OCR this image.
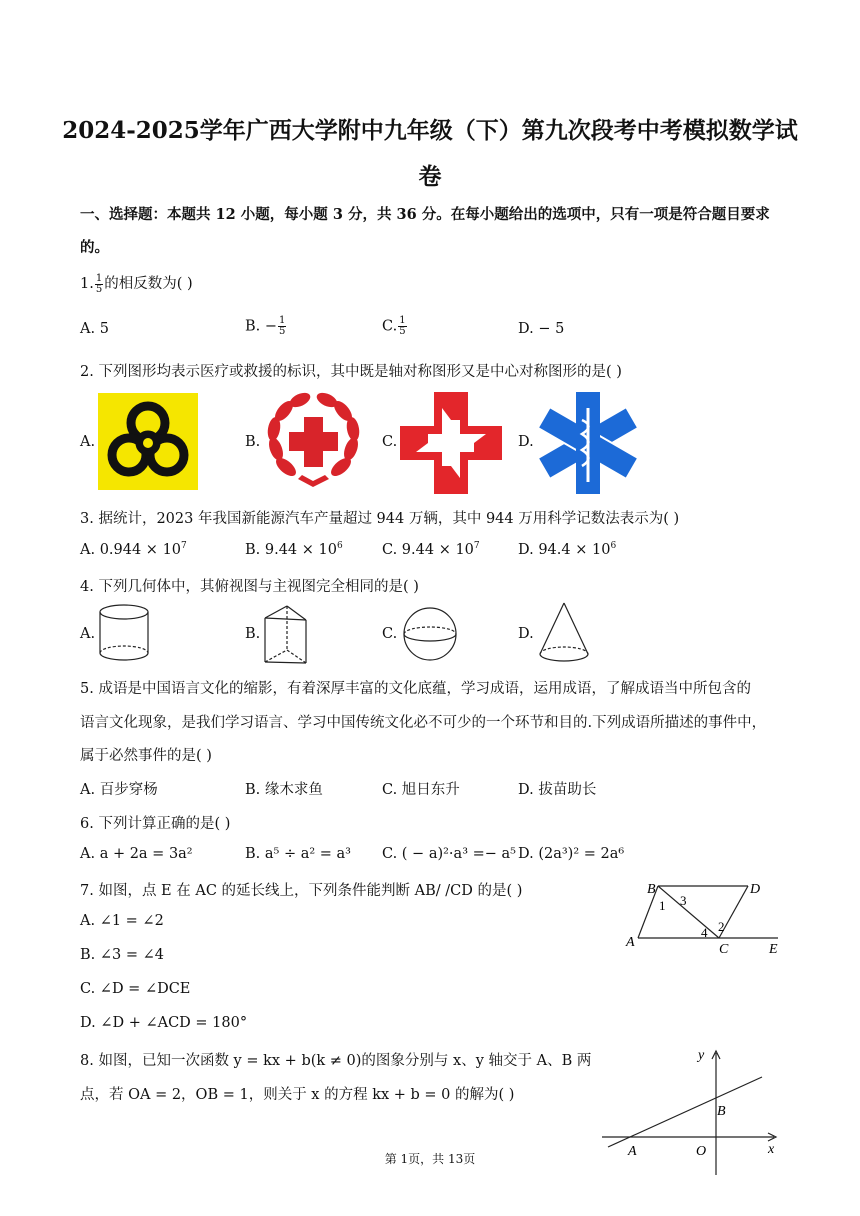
2024-2025学年广西大学附中九年级（下）第九次段考中考模拟数学试
卷
一、选择题：本题共 12 小题，每小题 3 分，共 36 分。在每小题给出的选项中，只有一项是符合题目要求
的。
1. $\frac{1}{5}$ 的相反数为( )
A. 5	B. − $\frac{1}{5}$	C. $\frac{1}{5}$	D. − 5
2. 下列图形均表示医疗或救援的标识，其中既是轴对称图形又是中心对称图形的是( )
A.	B.	C.	D.
3. 据统计，2023 年我国新能源汽车产量超过 944 万辆，其中 944 万用科学记数法表示为( )
A. $0.944 \times 10^7$	B. $9.44 \times 10^6$	C. $9.44 \times 10^7$	D. $94.4 \times 10^6$
4. 下列几何体中，其俯视图与主视图完全相同的是( )
A.	B.	C.	D.
5. 成语是中国语言文化的缩影，有着深厚丰富的文化底蕴，学习成语，运用成语，了解成语当中所包含的
语言文化现象，是我们学习语言、学习中国传统文化必不可少的一个环节和目的.下列成语所描述的事件中，
属于必然事件的是( )
A. 百步穿杨	B. 缘木求鱼	C. 旭日东升	D. 拔苗助长
6. 下列计算正确的是( )
A. a + 2a = 3a²	B. a⁵ ÷ a² = a³ C. ( − a)²·a³ =− a⁵ D. (2a³)² = 2a⁶
7. 如图，点 E 在 AC 的延长线上，下列条件能判断 AB/ /CD 的是( )
A. ∠1 = ∠2
B. ∠3 = ∠4
C. ∠D = ∠DCE
D. ∠D + ∠ACD = 180°
B	D
A	C	E
1 3
2
4
8. 如图，已知一次函数 y = kx + b(k ≠ 0)的图象分别与 x、y 轴交于 A、B 两
点，若 OA = 2，OB = 1，则关于 x 的方程 kx + b = 0 的解为( )
y
x
O
A
B
第 1页，共 13页
